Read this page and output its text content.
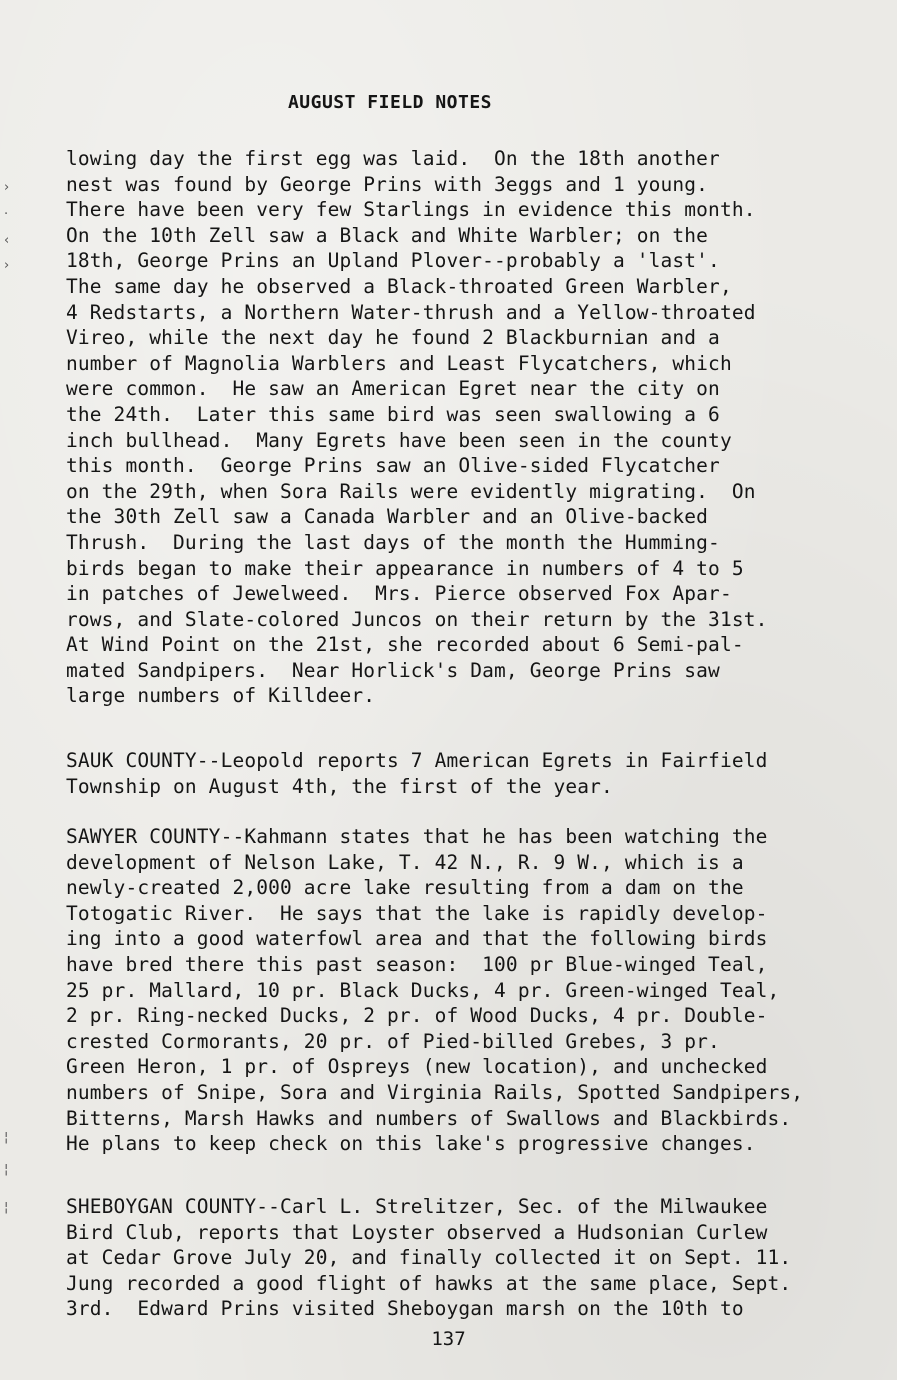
AUGUST FIELD NOTES
lowing day the first egg was laid.  On the 18th another
nest was found by George Prins with 3eggs and 1 young.
There have been very few Starlings in evidence this month.
On the 10th Zell saw a Black and White Warbler; on the
18th, George Prins an Upland Plover--probably a 'last'.
The same day he observed a Black-throated Green Warbler,
4 Redstarts, a Northern Water-thrush and a Yellow-throated
Vireo, while the next day he found 2 Blackburnian and a
number of Magnolia Warblers and Least Flycatchers, which
were common.  He saw an American Egret near the city on
the 24th.  Later this same bird was seen swallowing a 6
inch bullhead.  Many Egrets have been seen in the county
this month.  George Prins saw an Olive-sided Flycatcher
on the 29th, when Sora Rails were evidently migrating.  On
the 30th Zell saw a Canada Warbler and an Olive-backed
Thrush.  During the last days of the month the Humming-
birds began to make their appearance in numbers of 4 to 5
in patches of Jewelweed.  Mrs. Pierce observed Fox Apar-
rows, and Slate-colored Juncos on their return by the 31st.
At Wind Point on the 21st, she recorded about 6 Semi-pal-
mated Sandpipers.  Near Horlick's Dam, George Prins saw
large numbers of Killdeer.
SAUK COUNTY--Leopold reports 7 American Egrets in Fairfield
Township on August 4th, the first of the year.
SAWYER COUNTY--Kahmann states that he has been watching the
development of Nelson Lake, T. 42 N., R. 9 W., which is a
newly-created 2,000 acre lake resulting from a dam on the
Totogatic River.  He says that the lake is rapidly develop-
ing into a good waterfowl area and that the following birds
have bred there this past season:  100 pr Blue-winged Teal,
25 pr. Mallard, 10 pr. Black Ducks, 4 pr. Green-winged Teal,
2 pr. Ring-necked Ducks, 2 pr. of Wood Ducks, 4 pr. Double-
crested Cormorants, 20 pr. of Pied-billed Grebes, 3 pr.
Green Heron, 1 pr. of Ospreys (new location), and unchecked
numbers of Snipe, Sora and Virginia Rails, Spotted Sandpipers,
Bitterns, Marsh Hawks and numbers of Swallows and Blackbirds.
He plans to keep check on this lake's progressive changes.
SHEBOYGAN COUNTY--Carl L. Strelitzer, Sec. of the Milwaukee
Bird Club, reports that Loyster observed a Hudsonian Curlew
at Cedar Grove July 20, and finally collected it on Sept. 11.
Jung recorded a good flight of hawks at the same place, Sept.
3rd.  Edward Prins visited Sheboygan marsh on the 10th to
›
·
‹
›
¦
¦
¦

137
